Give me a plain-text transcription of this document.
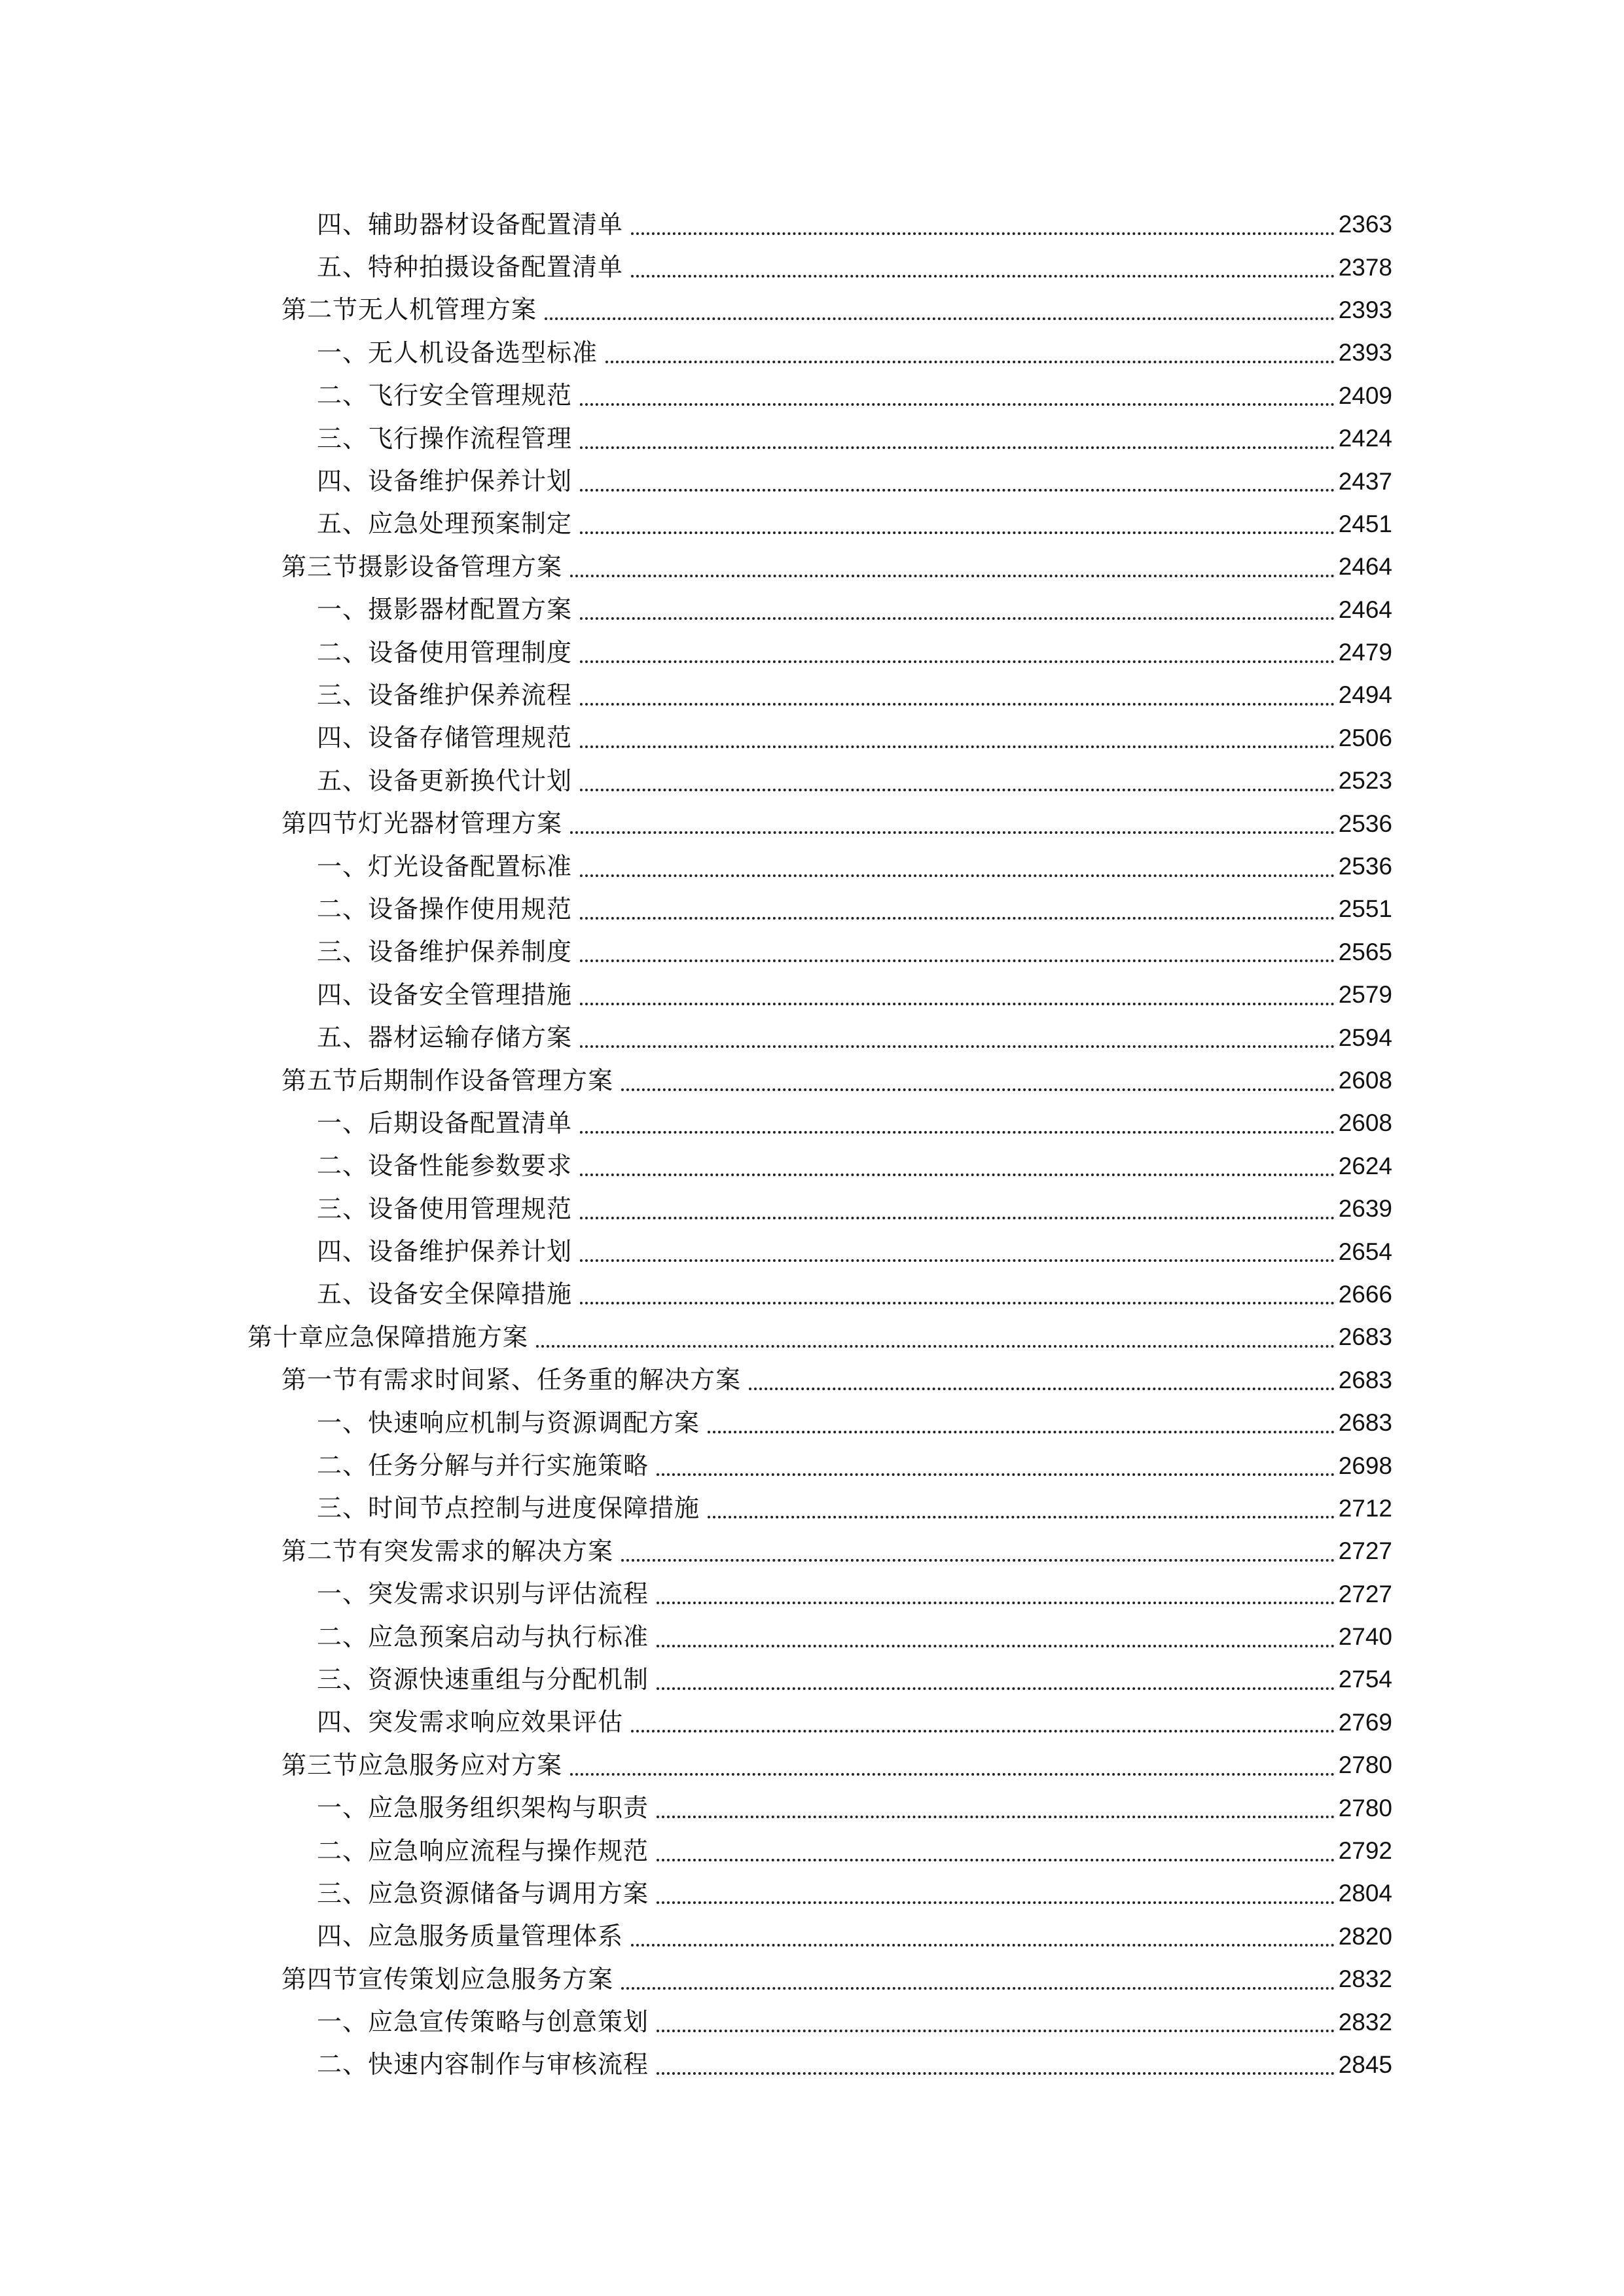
四、辅助器材设备配置清单	2363
五、特种拍摄设备配置清单	2378
第二节无人机管理方案	2393
一、无人机设备选型标准	2393
二、飞行安全管理规范	2409
三、飞行操作流程管理	2424
四、设备维护保养计划	2437
五、应急处理预案制定	2451
第三节摄影设备管理方案	2464
一、摄影器材配置方案	2464
二、设备使用管理制度	2479
三、设备维护保养流程	2494
四、设备存储管理规范	2506
五、设备更新换代计划	2523
第四节灯光器材管理方案	2536
一、灯光设备配置标准	2536
二、设备操作使用规范	2551
三、设备维护保养制度	2565
四、设备安全管理措施	2579
五、器材运输存储方案	2594
第五节后期制作设备管理方案	2608
一、后期设备配置清单	2608
二、设备性能参数要求	2624
三、设备使用管理规范	2639
四、设备维护保养计划	2654
五、设备安全保障措施	2666
第十章应急保障措施方案	2683
第一节有需求时间紧、任务重的解决方案	2683
一、快速响应机制与资源调配方案	2683
二、任务分解与并行实施策略	2698
三、时间节点控制与进度保障措施	2712
第二节有突发需求的解决方案	2727
一、突发需求识别与评估流程	2727
二、应急预案启动与执行标准	2740
三、资源快速重组与分配机制	2754
四、突发需求响应效果评估	2769
第三节应急服务应对方案	2780
一、应急服务组织架构与职责	2780
二、应急响应流程与操作规范	2792
三、应急资源储备与调用方案	2804
四、应急服务质量管理体系	2820
第四节宣传策划应急服务方案	2832
一、应急宣传策略与创意策划	2832
二、快速内容制作与审核流程	2845
